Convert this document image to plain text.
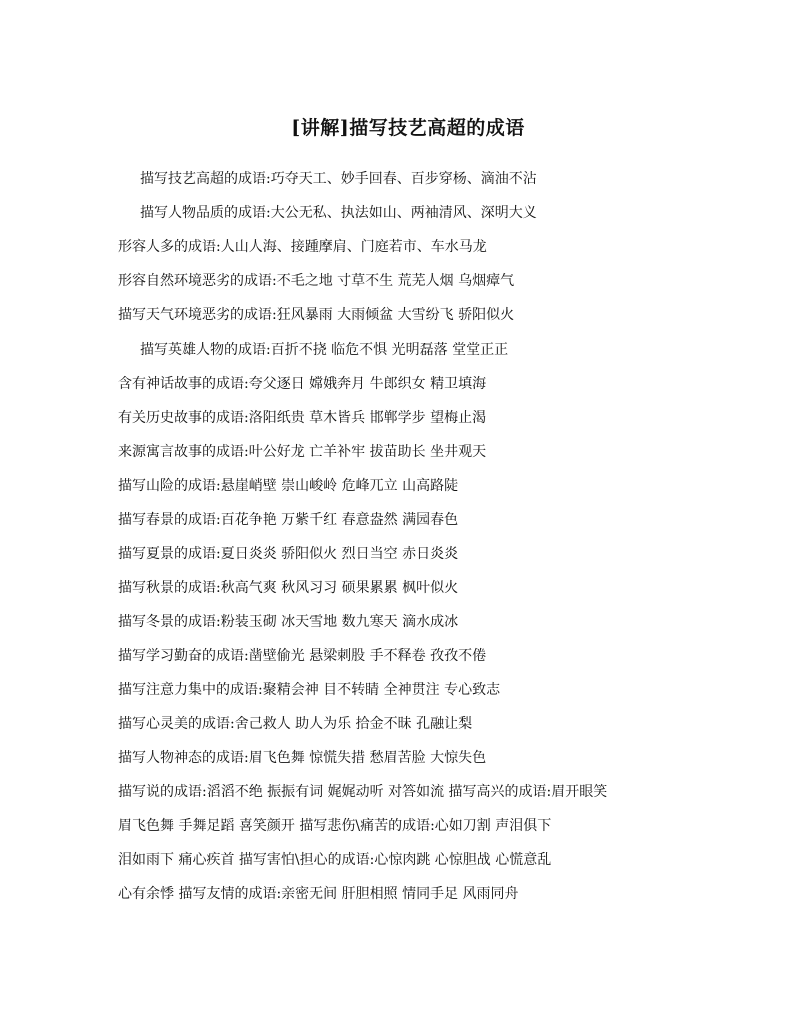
[讲解]描写技艺高超的成语
描写技艺高超的成语:巧夺天工、妙手回春、百步穿杨、滴油不沾
描写人物品质的成语:大公无私、执法如山、两袖清风、深明大义
形容人多的成语:人山人海、接踵摩肩、门庭若市、车水马龙
形容自然环境恶劣的成语:不毛之地 寸草不生 荒芜人烟 乌烟瘴气
描写天气环境恶劣的成语:狂风暴雨 大雨倾盆 大雪纷飞 骄阳似火
描写英雄人物的成语:百折不挠 临危不惧 光明磊落 堂堂正正
含有神话故事的成语:夸父逐日 嫦娥奔月 牛郎织女 精卫填海
有关历史故事的成语:洛阳纸贵 草木皆兵 邯郸学步 望梅止渴
来源寓言故事的成语:叶公好龙 亡羊补牢 拔苗助长 坐井观天
描写山险的成语:悬崖峭壁 崇山峻岭 危峰兀立 山高路陡
描写春景的成语:百花争艳 万紫千红 春意盎然 满园春色
描写夏景的成语:夏日炎炎 骄阳似火 烈日当空 赤日炎炎
描写秋景的成语:秋高气爽 秋风习习 硕果累累 枫叶似火
描写冬景的成语:粉装玉砌 冰天雪地 数九寒天 滴水成冰
描写学习勤奋的成语:凿壁偷光 悬梁刺股 手不释卷 孜孜不倦
描写注意力集中的成语:聚精会神 目不转睛 全神贯注 专心致志
描写心灵美的成语:舍己救人 助人为乐 拾金不昧 孔融让梨
描写人物神态的成语:眉飞色舞 惊慌失措 愁眉苦脸 大惊失色
描写说的成语:滔滔不绝 振振有词 娓娓动听 对答如流 描写高兴的成语:眉开眼笑
眉飞色舞 手舞足蹈 喜笑颜开 描写悲伤\痛苦的成语:心如刀割 声泪俱下
泪如雨下 痛心疾首 描写害怕\担心的成语:心惊肉跳 心惊胆战 心慌意乱
心有余悸 描写友情的成语:亲密无间 肝胆相照 情同手足 风雨同舟
